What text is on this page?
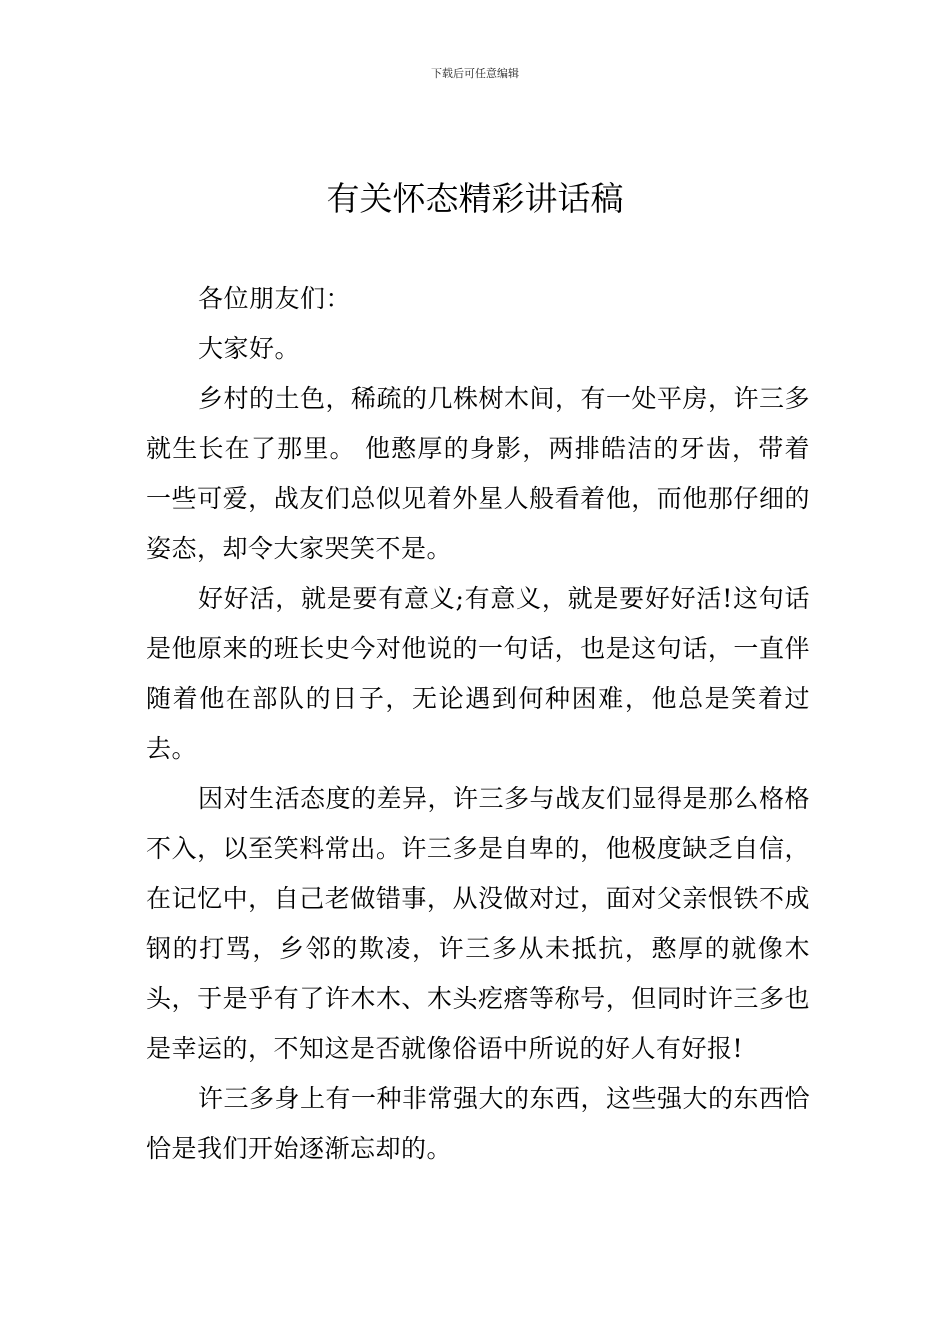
下载后可任意编辑
有关怀态精彩讲话稿

各位朋友们：

大家好。

乡村的土色，稀疏的几株树木间，有一处平房，许三多就生长在了那里。 他憨厚的身影，两排皓洁的牙齿，带着一些可爱，战友们总似见着外星人般看着他，而他那仔细的姿态，却令大家哭笑不是。

好好活，就是要有意义;有意义，就是要好好活!这句话是他原来的班长史今对他说的一句话，也是这句话，一直伴随着他在部队的日子，无论遇到何种困难，他总是笑着过去。

因对生活态度的差异，许三多与战友们显得是那么格格不入，以至笑料常出。许三多是自卑的，他极度缺乏自信，在记忆中，自己老做错事，从没做对过，面对父亲恨铁不成钢的打骂，乡邻的欺凌，许三多从未抵抗，憨厚的就像木头，于是乎有了许木木、木头疙瘩等称号，但同时许三多也是幸运的，不知这是否就像俗语中所说的好人有好报!

许三多身上有一种非常强大的东西，这些强大的东西恰恰是我们开始逐渐忘却的。
